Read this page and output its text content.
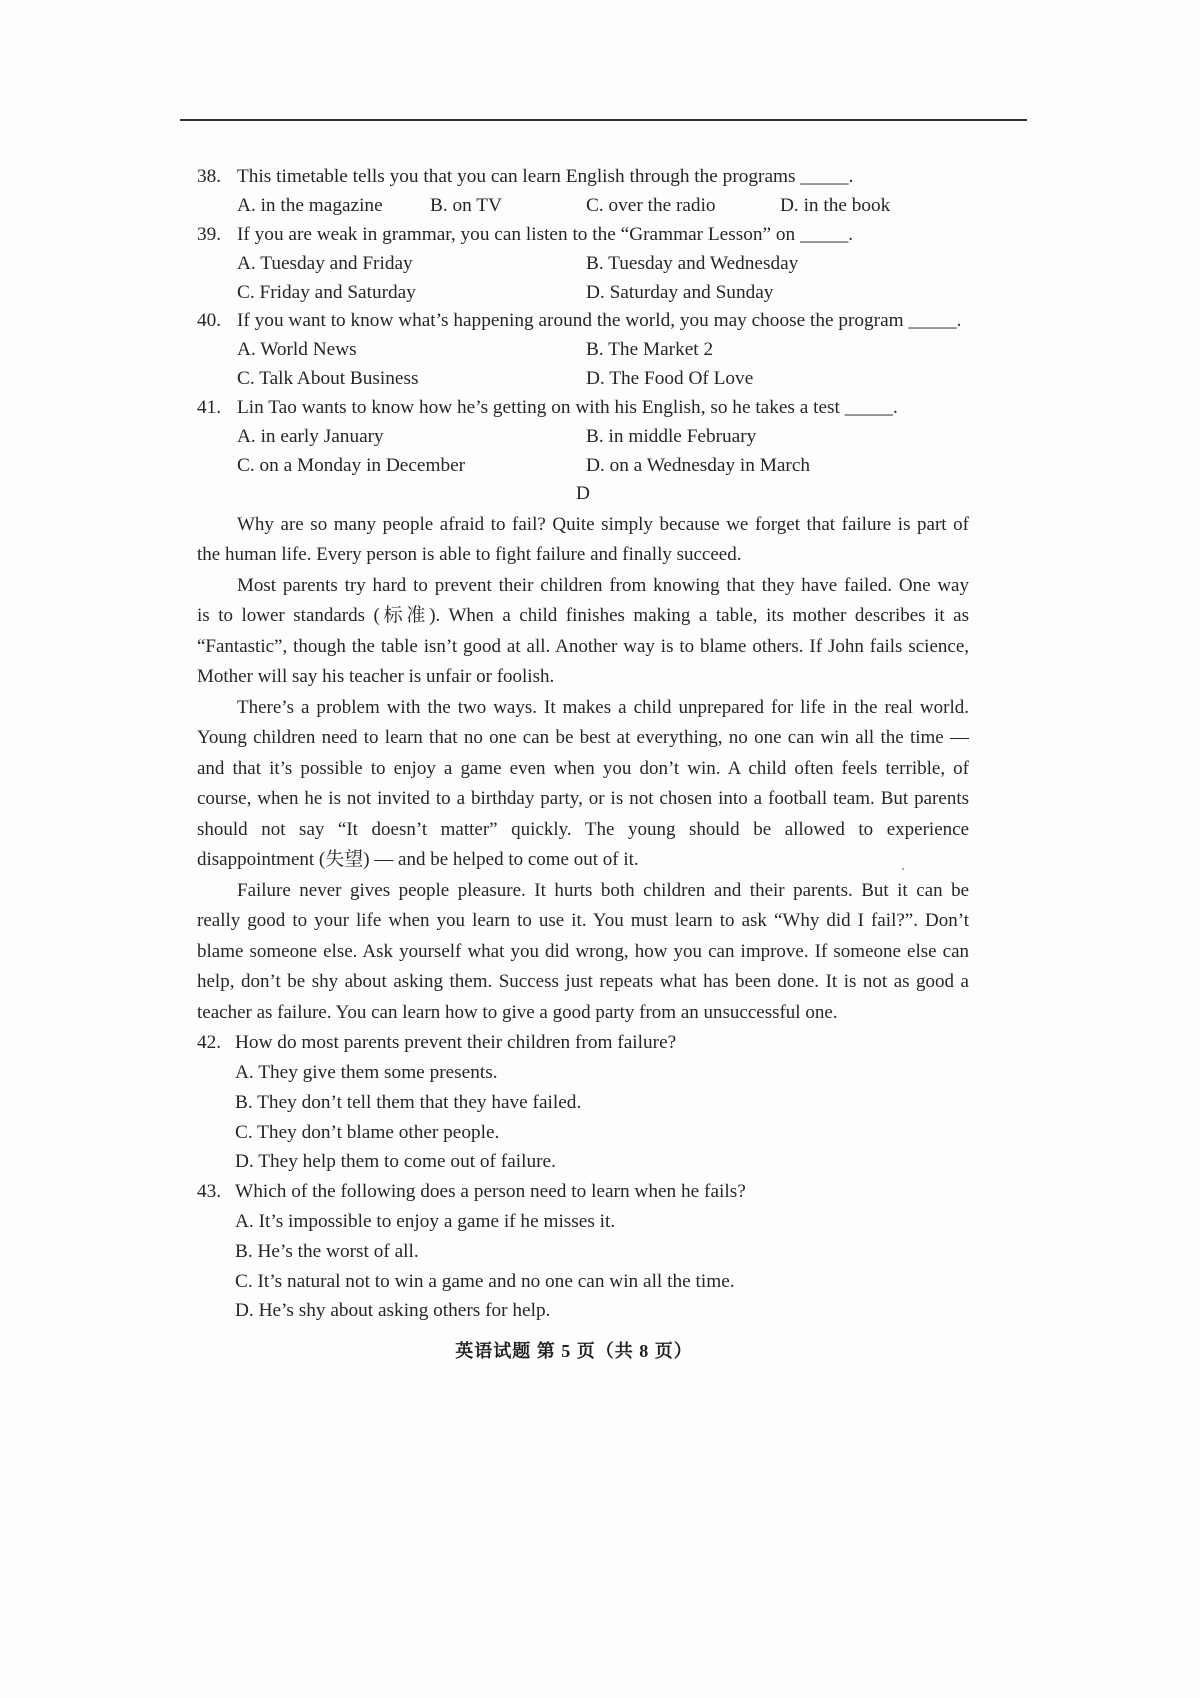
38. This timetable tells you that you can learn English through the programs _____.
A. in the magazine B. on TV	C. over the radio	D. in the book
39. If you are weak in grammar, you can listen to the “Grammar Lesson” on _____.
A. Tuesday and Friday	B. Tuesday and Wednesday
C. Friday and Saturday	D. Saturday and Sunday
40. If you want to know what’s happening around the world, you may choose the program _____.
A. World News	B. The Market 2
C. Talk About Business	D. The Food Of Love
41. Lin Tao wants to know how he’s getting on with his English, so he takes a test _____.
A. in early January	B. in middle February
C. on a Monday in December	D. on a Wednesday in March
D
Why are so many people afraid to fail? Quite simply because we forget that failure is part of
the human life. Every person is able to fight failure and finally succeed.
Most parents try hard to prevent their children from knowing that they have failed. One way
is to lower standards (标准). When a child finishes making a table, its mother describes it as
“Fantastic”, though the table isn’t good at all. Another way is to blame others. If John fails science,
Mother will say his teacher is unfair or foolish.
There’s a problem with the two ways. It makes a child unprepared for life in the real world.
Young children need to learn that no one can be best at everything, no one can win all the time —
and that it’s possible to enjoy a game even when you don’t win. A child often feels terrible, of
course, when he is not invited to a birthday party, or is not chosen into a football team. But parents
should not say “It doesn’t matter” quickly. The young should be allowed to experience
disappointment (失望) — and be helped to come out of it.
Failure never gives people pleasure. It hurts both children and their parents. But it can be
really good to your life when you learn to use it. You must learn to ask “Why did I fail?”. Don’t
blame someone else. Ask yourself what you did wrong, how you can improve. If someone else can
help, don’t be shy about asking them. Success just repeats what has been done. It is not as good a
teacher as failure. You can learn how to give a good party from an unsuccessful one.
42. How do most parents prevent their children from failure?
A. They give them some presents.
B. They don’t tell them that they have failed.
C. They don’t blame other people.
D. They help them to come out of failure.
43. Which of the following does a person need to learn when he fails?
A. It’s impossible to enjoy a game if he misses it.
B. He’s the worst of all.
C. It’s natural not to win a game and no one can win all the time.
D. He’s shy about asking others for help.
英语试题 第 5 页（共 8 页）
